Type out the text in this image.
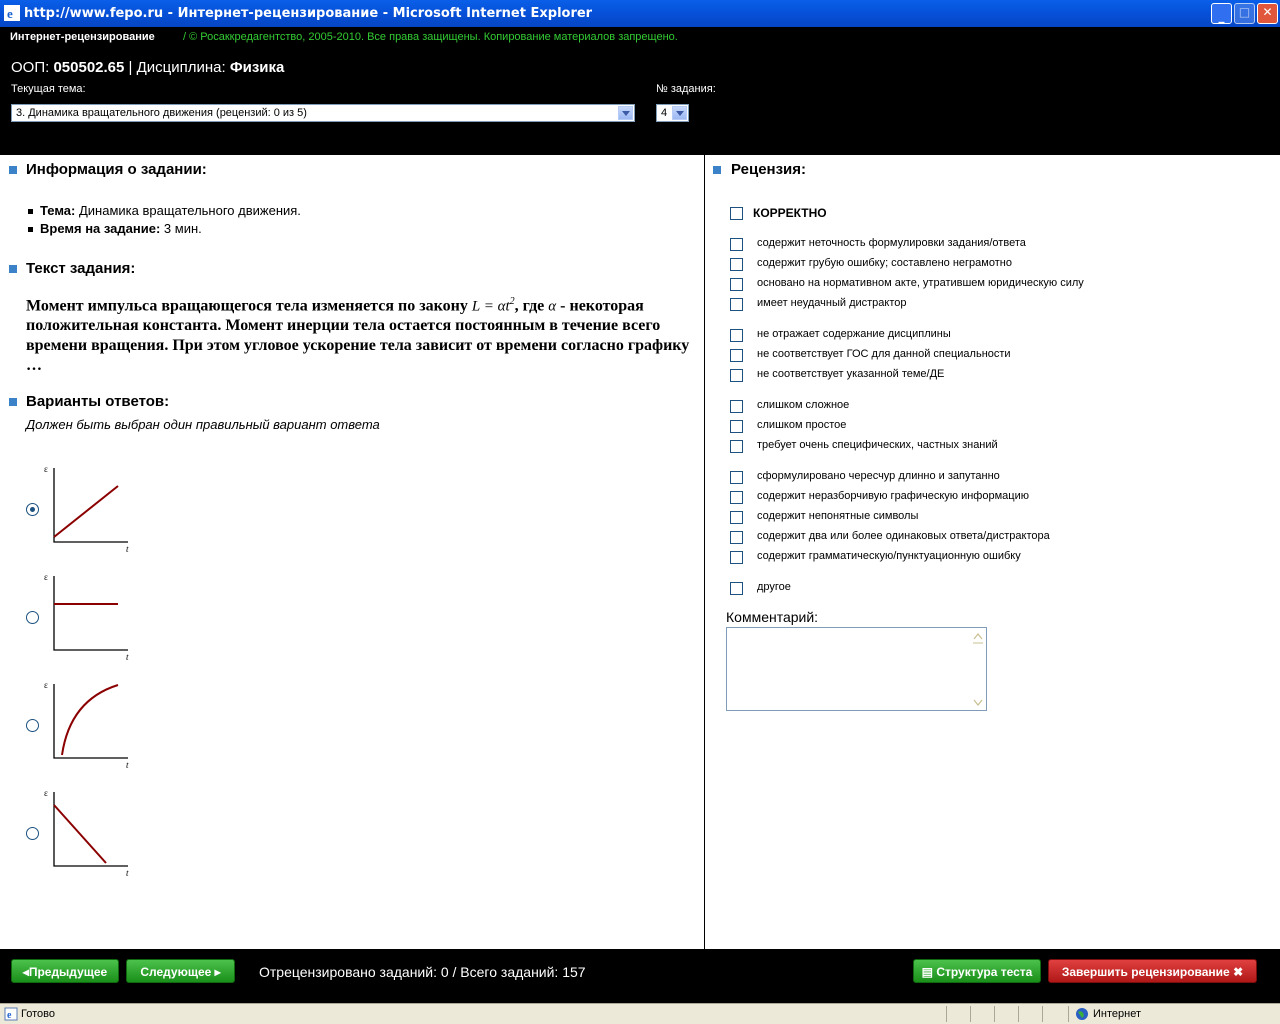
e http://www.fepo.ru - Интернет-рецензирование - Microsoft Internet Explorer	_	□	✕
Интернет-рецензирование	/ © Росаккредагентство, 2005-2010. Все права защищены. Копирование материалов запрещено.
ООП: 050502.65 | Дисциплина: Физика
Текущая тема:
3. Динамика вращательного движения (рецензий: 0 из 5)
№ задания:
4
Информация о задании:
Тема: Динамика вращательного движения.
Время на задание: 3 мин.
Текст задания:
Момент импульса вращающегося тела изменяется по закону $L = \alpha t^2$, где α - некоторая положительная константа. Момент инерции тела остается постоянным в течение всего времени вращения. При этом угловое ускорение тела зависит от времени согласно графику …
Варианты ответов:
Должен быть выбран один правильный вариант ответа
ε
t
ε
t
ε
t
ε
t
Рецензия:
КОРРЕКТНО
содержит неточность формулировки задания/ответа
содержит грубую ошибку; составлено неграмотно
основано на нормативном акте, утратившем юридическую силу
имеет неудачный дистрактор
не отражает содержание дисциплины
не соответствует ГОС для данной специальности
не соответствует указанной теме/ДЕ
слишком сложное
слишком простое
требует очень специфических, частных знаний
сформулировано чересчур длинно и запутанно
содержит неразборчивую графическую информацию
содержит непонятные символы
содержит два или более одинаковых ответа/дистрактора
содержит грамматическую/пунктуационную ошибку
другое
Комментарий:
◂Предыдущее	Следующее ▸	Отрецензировано заданий: 0 / Всего заданий: 157	▤ Структура теста	Завершить рецензирование ✖
e Готово	Интернет
